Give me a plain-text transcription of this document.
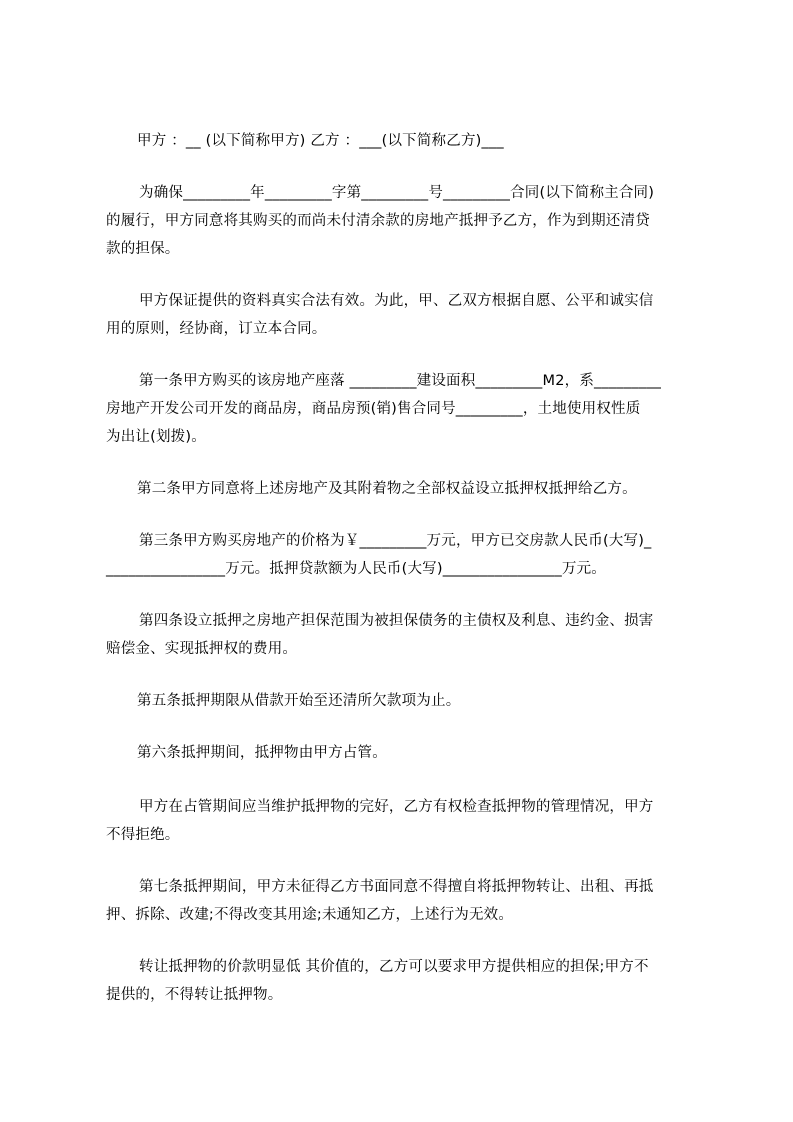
甲方 ：__ (以下简称甲方) 乙方 ：___(以下简称乙方)___

为确保_________年_________字第_________号_________合同(以下简称主合同)

的履行，甲方同意将其购买的而尚未付清余款的房地产抵押予乙方，作为到期还清贷

款的担保。

甲方保证提供的资料真实合法有效。为此，甲、乙双方根据自愿、公平和诚实信

用的原则，经协商，订立本合同。

第一条甲方购买的该房地产座落 _________建设面积_________M2，系_________

房地产开发公司开发的商品房，商品房预(销)售合同号_________，土地使用权性质

为出让(划拨)。

第二条甲方同意将上述房地产及其附着物之全部权益设立抵押权抵押给乙方。

第三条甲方购买房地产的价格为￥_________万元，甲方已交房款人民币(大写)_

________________万元。抵押贷款额为人民币(大写)________________万元。

第四条设立抵押之房地产担保范围为被担保债务的主债权及利息、违约金、损害

赔偿金、实现抵押权的费用。

第五条抵押期限从借款开始至还清所欠款项为止。

第六条抵押期间，抵押物由甲方占管。

甲方在占管期间应当维护抵押物的完好，乙方有权检查抵押物的管理情况，甲方

不得拒绝。

第七条抵押期间，甲方未征得乙方书面同意不得擅自将抵押物转让、出租、再抵

押、拆除、改建;不得改变其用途;未通知乙方，上述行为无效。

转让抵押物的价款明显低 其价值的，乙方可以要求甲方提供相应的担保;甲方不

提供的，不得转让抵押物。
